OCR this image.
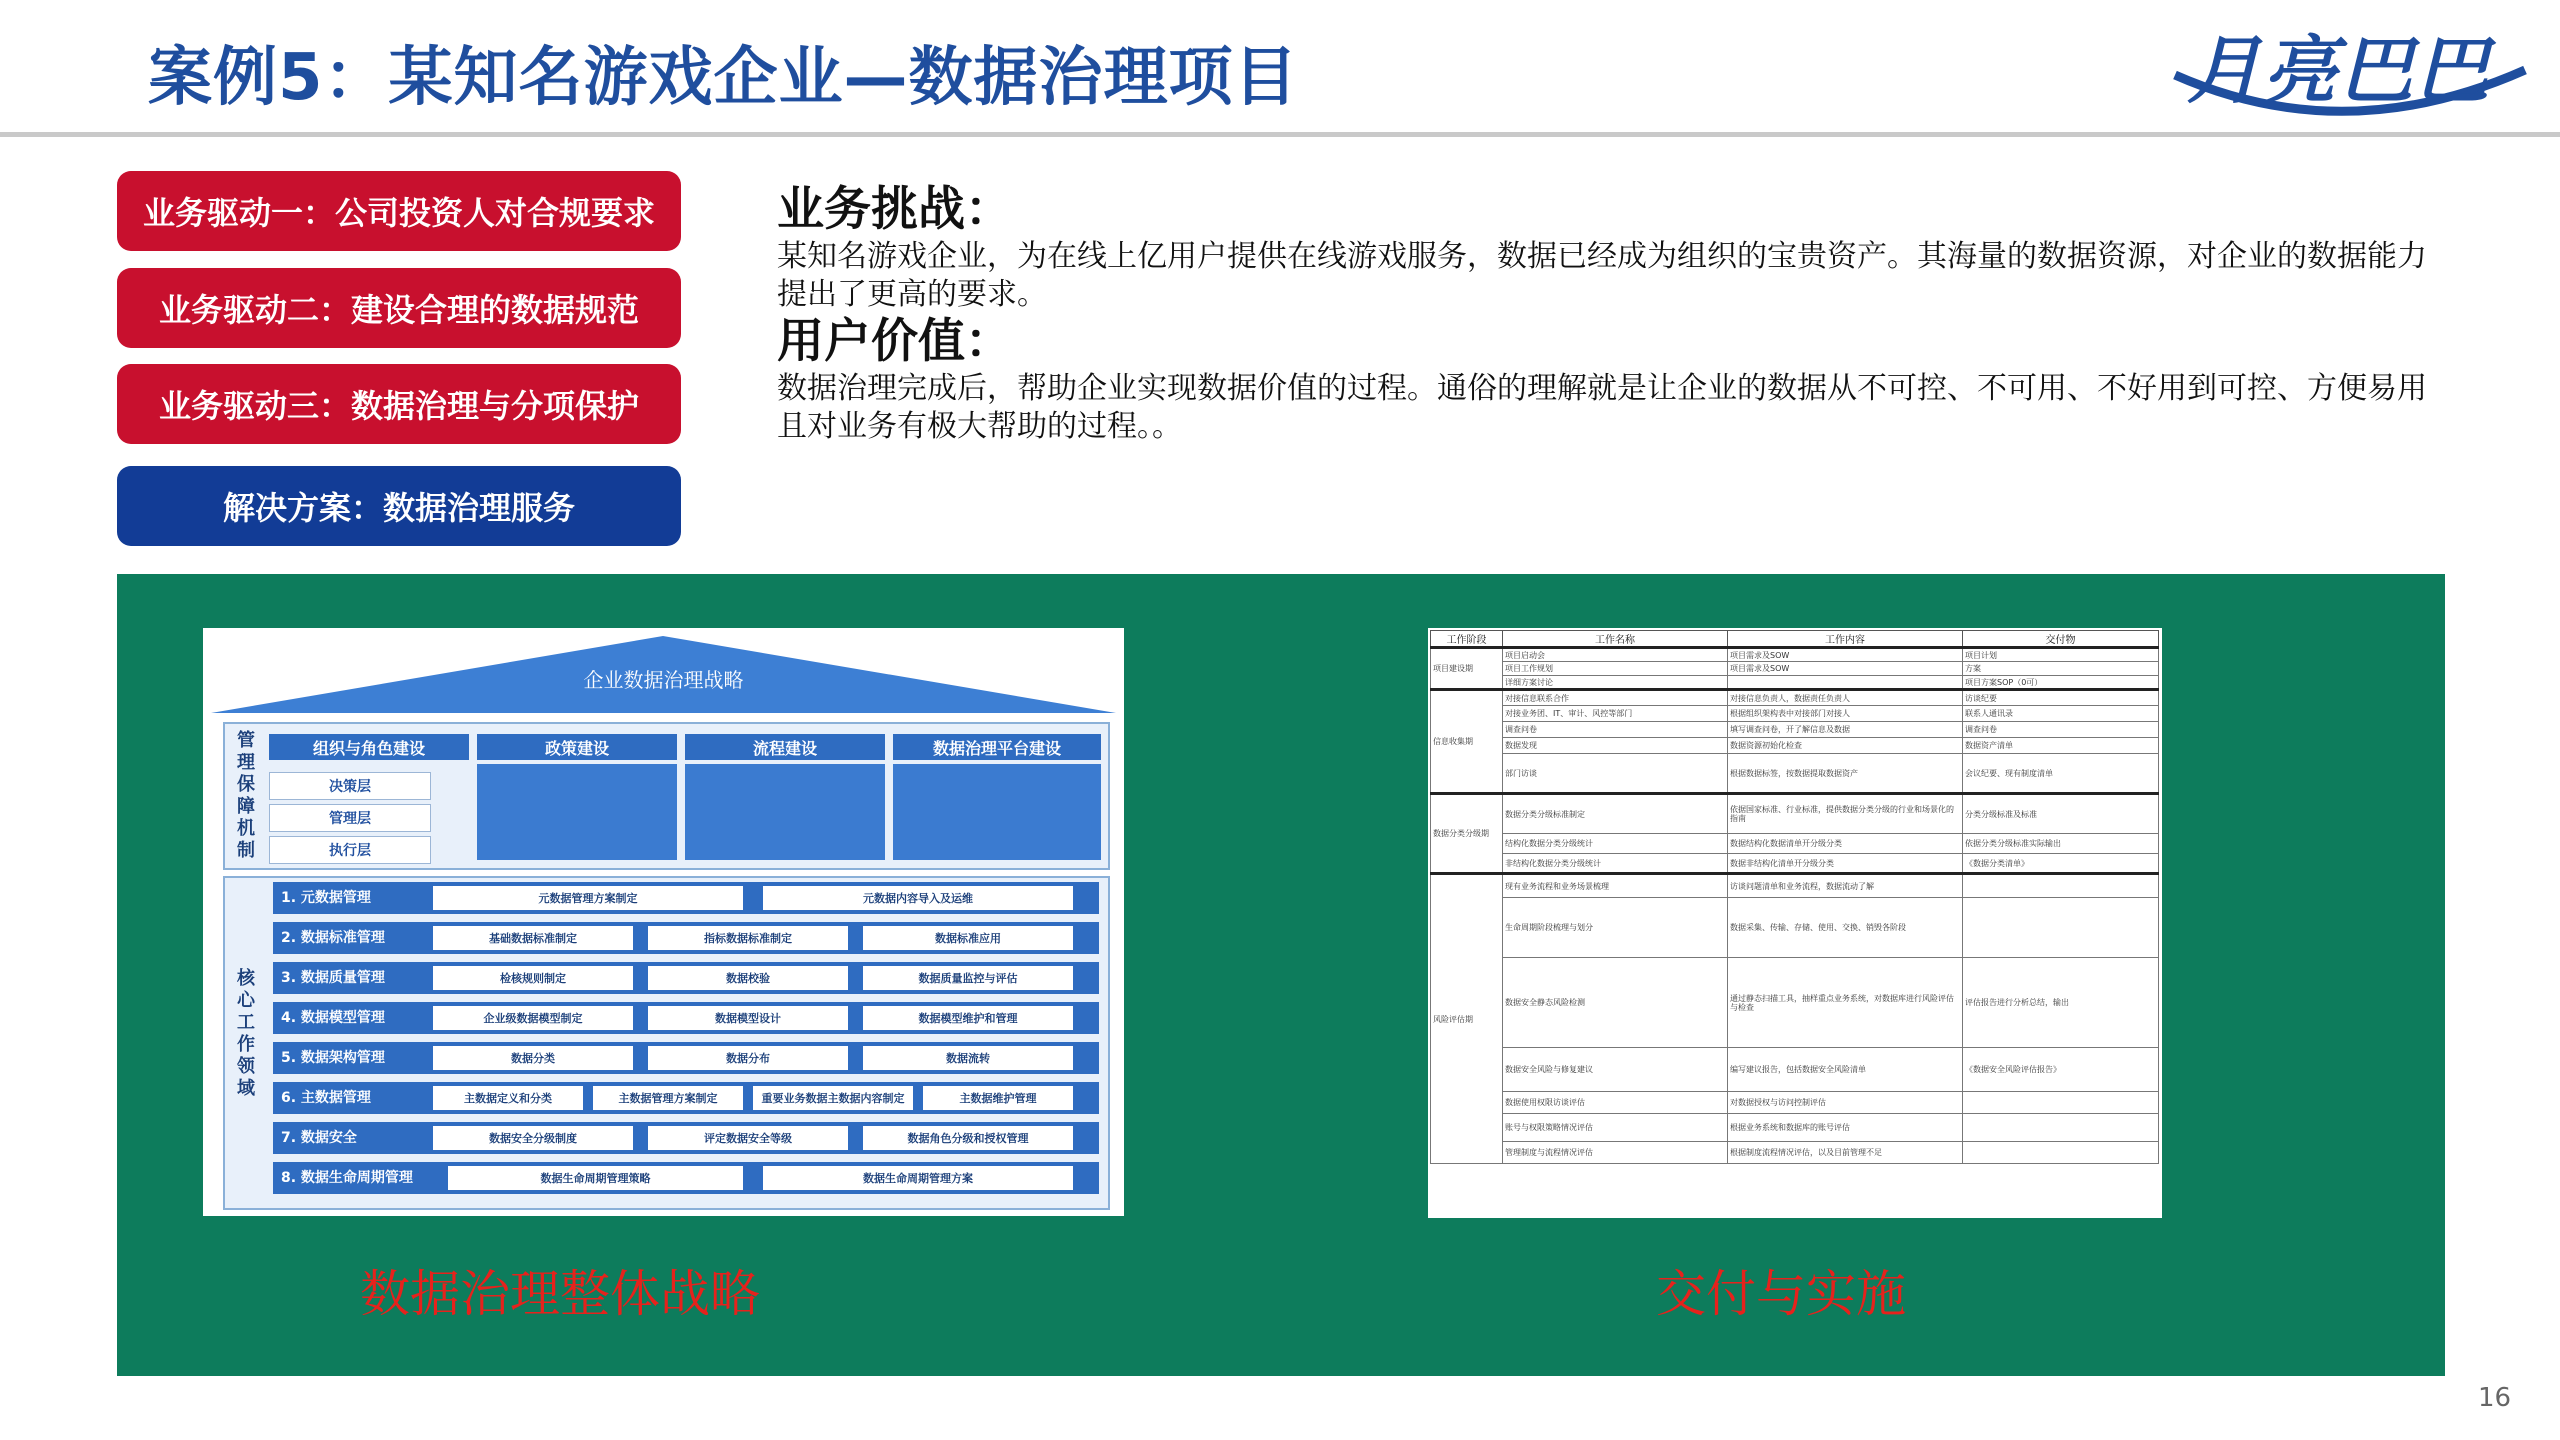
案例5：某知名游戏企业—数据治理项目	月亮巴巴
业务驱动一：公司投资人对合规要求
业务驱动二：建设合理的数据规范
业务驱动三：数据治理与分项保护
解决方案：数据治理服务
业务挑战：
某知名游戏企业，为在线上亿用户提供在线游戏服务，数据已经成为组织的宝贵资产。其海量的数据资源，对企业的数据能力提出了更高的要求。
用户价值：
数据治理完成后，帮助企业实现数据价值的过程。通俗的理解就是让企业的数据从不可控、不可用、不好用到可控、方便易用且对业务有极大帮助的过程。。
企业数据治理战略
管理保障机制
组织与角色建设	政策建设	流程建设	数据治理平台建设
决策层
管理层
执行层
核心工作领域
1. 元数据管理	元数据管理方案制定	元数据内容导入及运维
2. 数据标准管理	基础数据标准制定	指标数据标准制定	数据标准应用
3. 数据质量管理	检核规则制定	数据校验	数据质量监控与评估
4. 数据模型管理	企业级数据模型制定	数据模型设计	数据模型维护和管理
5. 数据架构管理	数据分类	数据分布	数据流转
6. 主数据管理	主数据定义和分类	主数据管理方案制定	重要业务数据主数据内容制定	主数据维护管理
7. 数据安全	数据安全分级制度	评定数据安全等级	数据角色分级和授权管理
8. 数据生命周期管理	数据生命周期管理策略	数据生命周期管理方案
工作阶段	工作名称	工作内容	交付物
项目建设期	项目启动会	项目需求及SOW	项目计划
	项目工作规划	项目需求及SOW	方案
	详细方案讨论		项目方案SOP（0可）
信息收集期	对接信息联系合作	对接信息负责人，数据责任负责人	访谈纪要
	对接业务团、IT、审计、风控等部门	根据组织架构表中对接部门对接人	联系人通讯录
	调查问卷	填写调查问卷，开了解信息及数据	调查问卷
	数据发现	数据资源初始化检查	数据资产清单
	部门访谈	根据数据标签，按数据提取数据资产	会议纪要、现有制度清单
数据分类分级期	数据分类分级标准制定	依据国家标准、行业标准，提供数据分类分级的行业和场景化的指南	分类分级标准及标准
	结构化数据分类分级统计	数据结构化数据清单开分级分类	依据分类分级标准实际输出
	非结构化数据分类分级统计	数据非结构化清单开分级分类	《数据分类清单》
风险评估期	现有业务流程和业务场景梳理	访谈问题清单和业务流程，数据流动了解	
	生命周期阶段梳理与划分	数据采集、传输、存储、使用、交换、销毁各阶段	
	数据安全静态风险检测	通过静态扫描工具，抽样重点业务系统，对数据库进行风险评估与检查	评估报告进行分析总结，输出
	数据安全风险与修复建议	编写建议报告，包括数据安全风险清单	《数据安全风险评估报告》
	数据使用权限访谈评估	对数据授权与访问控制评估	
	账号与权限策略情况评估	根据业务系统和数据库的账号评估	
	管理制度与流程情况评估	根据制度流程情况评估，以及目前管理不足	
数据治理整体战略	交付与实施
16
